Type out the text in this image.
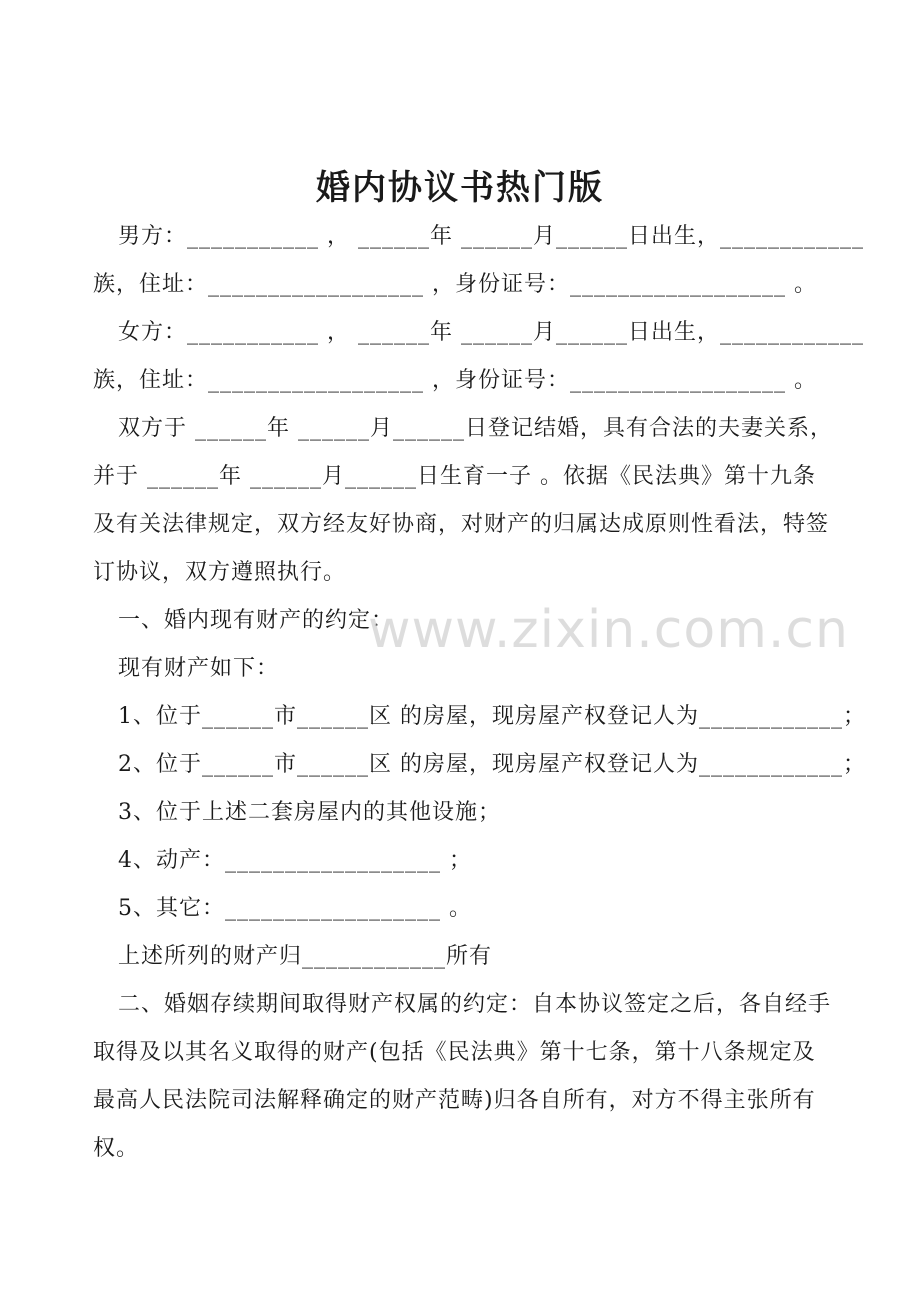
婚内协议书热门版
男方：___________ ， ______年 ______月______日出生，____________
族，住址：__________________ ，身份证号：__________________ 。
女方：___________ ， ______年 ______月______日出生，____________
族，住址：__________________ ，身份证号：__________________ 。
双方于 ______年 ______月______日登记结婚，具有合法的夫妻关系，
并于 ______年 ______月______日生育一子 。依据《民法典》第十九条
及有关法律规定，双方经友好协商，对财产的归属达成原则性看法，特签
订协议，双方遵照执行。
一、婚内现有财产的约定：
现有财产如下：
1、位于______市______区 的房屋，现房屋产权登记人为____________；
2、位于______市______区 的房屋，现房屋产权登记人为____________；
3、位于上述二套房屋内的其他设施；
4、动产：__________________ ；
5、其它：__________________ 。
上述所列的财产归____________所有
二、婚姻存续期间取得财产权属的约定：自本协议签定之后，各自经手
取得及以其名义取得的财产(包括《民法典》第十七条，第十八条规定及
最高人民法院司法解释确定的财产范畴)归各自所有，对方不得主张所有
权。
www.zixin.com.cn
